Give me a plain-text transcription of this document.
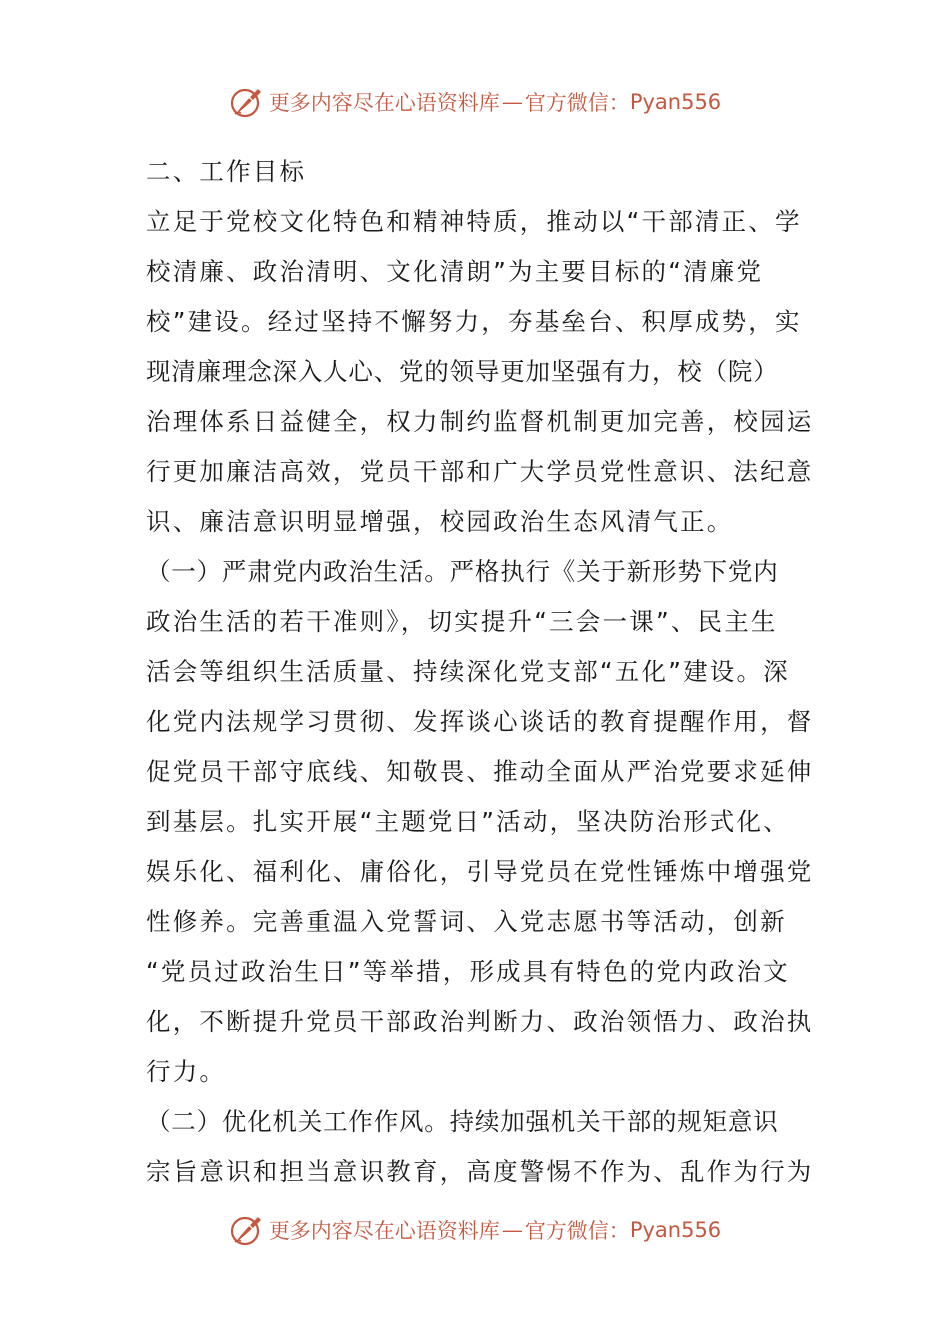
更多内容尽在心语资料库 — 官方微信： Pyan556
二、工作目标
立足于党校文化特色和精神特质，推动以“干部清正、学
校清廉、政治清明、文化清朗”为主要目标的“清廉党
校”建设。经过坚持不懈努力，夯基垒台、积厚成势，实
现清廉理念深入人心、党的领导更加坚强有力，校（院）
治理体系日益健全，权力制约监督机制更加完善，校园运
行更加廉洁高效，党员干部和广大学员党性意识、法纪意
识、廉洁意识明显增强，校园政治生态风清气正。
（一）严肃党内政治生活。严格执行《关于新形势下党内
政治生活的若干准则》，切实提升“三会一课”、民主生
活会等组织生活质量、持续深化党支部“五化”建设。深
化党内法规学习贯彻、发挥谈心谈话的教育提醒作用，督
促党员干部守底线、知敬畏、推动全面从严治党要求延伸
到基层。扎实开展“主题党日”活动，坚决防治形式化、
娱乐化、福利化、庸俗化，引导党员在党性锤炼中增强党
性修养。完善重温入党誓词、入党志愿书等活动，创新
“党员过政治生日”等举措，形成具有特色的党内政治文
化，不断提升党员干部政治判断力、政治领悟力、政治执
行力。
（二）优化机关工作作风。持续加强机关干部的规矩意识
宗旨意识和担当意识教育，高度警惕不作为、乱作为行为
更多内容尽在心语资料库 — 官方微信： Pyan556
